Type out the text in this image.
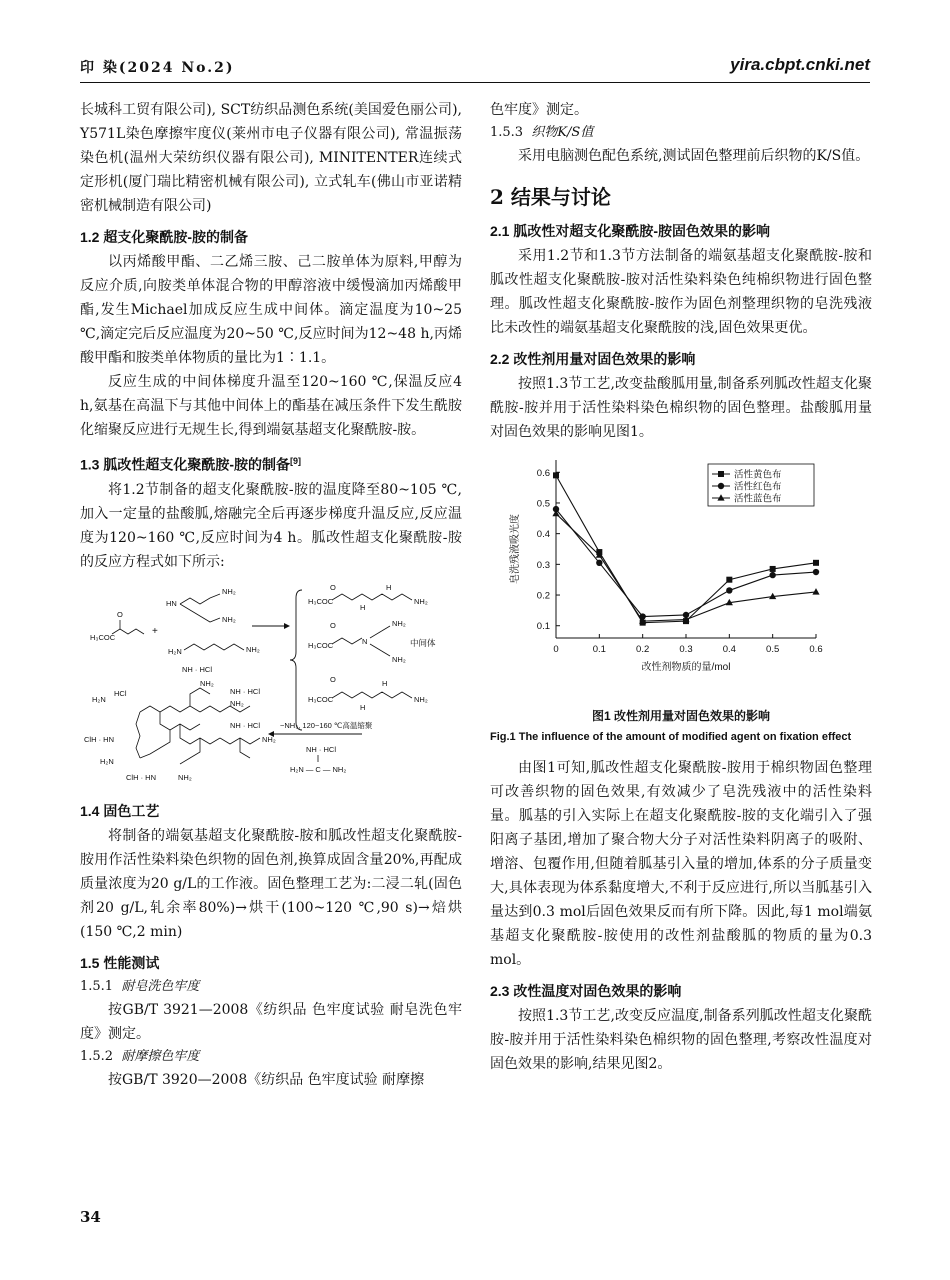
印 染(2024 No.2)	yira.cbpt.cnki.net

长城科工贸有限公司), SCT纺织品测色系统(美国爱色丽公司), Y571L染色摩擦牢度仪(莱州市电子仪器有限公司), 常温振荡染色机(温州大荣纺织仪器有限公司), MINITENTER连续式定形机(厦门瑞比精密机械有限公司), 立式轧车(佛山市亚诺精密机械制造有限公司)

1.2 超支化聚酰胺-胺的制备

以丙烯酸甲酯、二乙烯三胺、己二胺单体为原料,甲醇为反应介质,向胺类单体混合物的甲醇溶液中缓慢滴加丙烯酸甲酯,发生Michael加成反应生成中间体。滴定温度为10~25 ℃,滴定完后反应温度为20~50 ℃,反应时间为12~48 h,丙烯酸甲酯和胺类单体物质的量比为1∶1.1。

反应生成的中间体梯度升温至120~160 ℃,保温反应4 h,氨基在高温下与其他中间体上的酯基在减压条件下发生酰胺化缩聚反应进行无规生长,得到端氨基超支化聚酰胺-胺。

1.3 胍改性超支化聚酰胺-胺的制备[9]

将1.2节制备的超支化聚酰胺-胺的温度降至80~105 ℃,加入一定量的盐酸胍,熔融完全后再逐步梯度升温反应,反应温度为120~160 ℃,反应时间为4 h。胍改性超支化聚酰胺-胺的反应方程式如下所示:

O
H₃COC
+
HN
NH₂
NH₂
H₂N	NH₂
H₃COC
O
H
H
NH₂
O
H₃COC	N
NH₂
NH₂
中间体
O
H₃COC
H
H
NH₂
NH · HCl
NH₂
H₂N
HCl	NH · HCl
NH₂
NH · HCl
NH₂
ClH · HN
H₂N
ClH · HN	NH₂
−NH₃, 120~160 ℃高温缩聚
NH · HCl
H₂N — C — NH₂
1.4 固色工艺

将制备的端氨基超支化聚酰胺-胺和胍改性超支化聚酰胺-胺用作活性染料染色织物的固色剂,换算成固含量20%,再配成质量浓度为20 g/L的工作液。固色整理工艺为:二浸二轧(固色剂20 g/L,轧余率80%)→烘干(100~120 ℃,90 s)→焙烘(150 ℃,2 min)

1.5 性能测试

1.5.1 耐皂洗色牢度

按GB/T 3921—2008《纺织品 色牢度试验 耐皂洗色牢度》测定。

1.5.2 耐摩擦色牢度

按GB/T 3920—2008《纺织品 色牢度试验 耐摩擦

色牢度》测定。

1.5.3 织物K/S值

采用电脑测色配色系统,测试固色整理前后织物的K/S值。

2 结果与讨论
2.1 胍改性对超支化聚酰胺-胺固色效果的影响

采用1.2节和1.3节方法制备的端氨基超支化聚酰胺-胺和胍改性超支化聚酰胺-胺对活性染料染色纯棉织物进行固色整理。胍改性超支化聚酰胺-胺作为固色剂整理织物的皂洗残液比未改性的端氨基超支化聚酰胺的浅,固色效果更优。

2.2 改性剂用量对固色效果的影响

按照1.3节工艺,改变盐酸胍用量,制备系列胍改性超支化聚酰胺-胺并用于活性染料染色棉织物的固色整理。盐酸胍用量对固色效果的影响见图1。

0	0.1	0.2	0.3	0.4	0.5	0.6
0.1
0.2
0.3
0.4
0.5
0.6	活性黄色布
活性红色布
活性蓝色布
改性剂物质的量/mol
皂洗残液吸光度
图1 改性剂用量对固色效果的影响
Fig.1 The influence of the amount of modified agent on fixation effect

由图1可知,胍改性超支化聚酰胺-胺用于棉织物固色整理可改善织物的固色效果,有效减少了皂洗残液中的活性染料量。胍基的引入实际上在超支化聚酰胺-胺的支化端引入了强阳离子基团,增加了聚合物大分子对活性染料阴离子的吸附、增溶、包覆作用,但随着胍基引入量的增加,体系的分子质量变大,具体表现为体系黏度增大,不利于反应进行,所以当胍基引入量达到0.3 mol后固色效果反而有所下降。因此,每1 mol端氨基超支化聚酰胺-胺使用的改性剂盐酸胍的物质的量为0.3 mol。

2.3 改性温度对固色效果的影响

按照1.3节工艺,改变反应温度,制备系列胍改性超支化聚酰胺-胺并用于活性染料染色棉织物的固色整理,考察改性温度对固色效果的影响,结果见图2。

34
